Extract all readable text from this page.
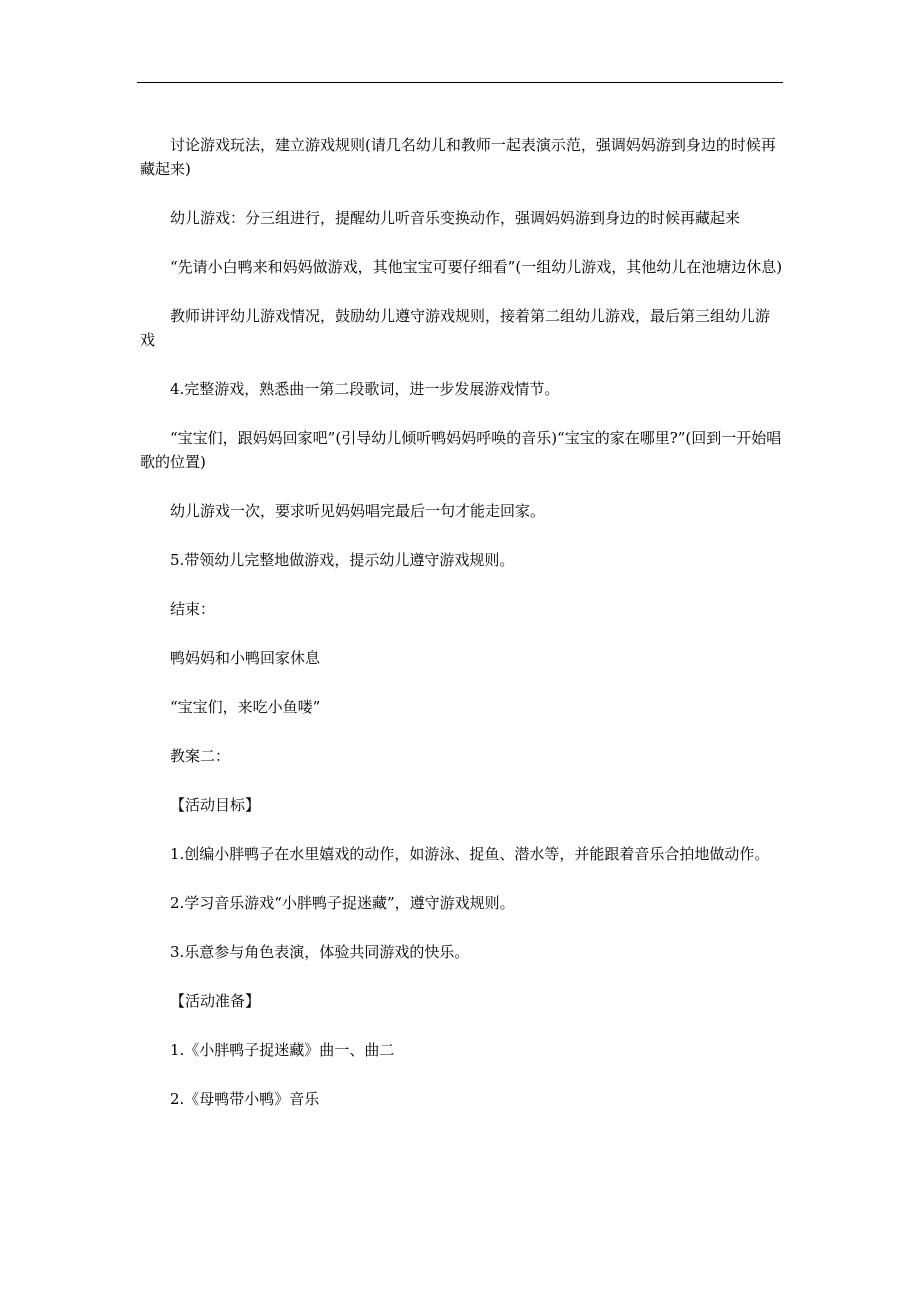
讨论游戏玩法，建立游戏规则(请几名幼儿和教师一起表演示范，强调妈妈游到身边的时候再藏起来)

幼儿游戏：分三组进行，提醒幼儿听音乐变换动作，强调妈妈游到身边的时候再藏起来

“先请小白鸭来和妈妈做游戏，其他宝宝可要仔细看”(一组幼儿游戏，其他幼儿在池塘边休息)

教师讲评幼儿游戏情况，鼓励幼儿遵守游戏规则，接着第二组幼儿游戏，最后第三组幼儿游戏

4.完整游戏，熟悉曲一第二段歌词，进一步发展游戏情节。

“宝宝们，跟妈妈回家吧”(引导幼儿倾听鸭妈妈呼唤的音乐)“宝宝的家在哪里?”(回到一开始唱歌的位置)

幼儿游戏一次，要求听见妈妈唱完最后一句才能走回家。

5.带领幼儿完整地做游戏，提示幼儿遵守游戏规则。

结束：

鸭妈妈和小鸭回家休息

“宝宝们，来吃小鱼喽”

教案二：

【活动目标】

1.创编小胖鸭子在水里嬉戏的动作，如游泳、捉鱼、潜水等，并能跟着音乐合拍地做动作。

2.学习音乐游戏“小胖鸭子捉迷藏”，遵守游戏规则。

3.乐意参与角色表演，体验共同游戏的快乐。

【活动准备】

1.《小胖鸭子捉迷藏》曲一、曲二

2.《母鸭带小鸭》音乐
